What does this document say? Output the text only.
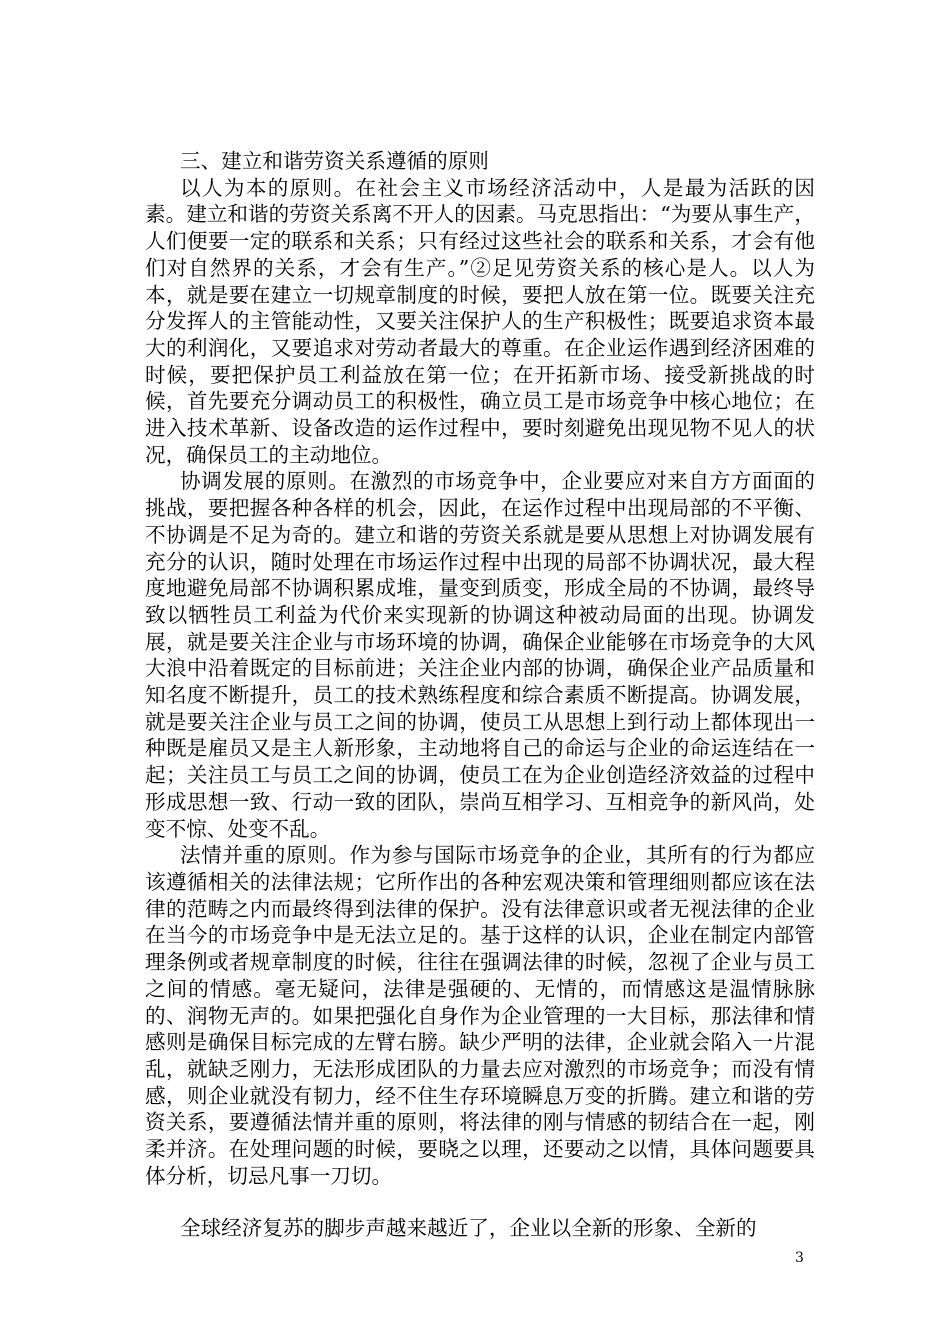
三、建立和谐劳资关系遵循的原则

以人为本的原则。在社会主义市场经济活动中，人是最为活跃的因素。建立和谐的劳资关系离不开人的因素。马克思指出：“为要从事生产，人们便要一定的联系和关系；只有经过这些社会的联系和关系，才会有他们对自然界的关系，才会有生产。”②足见劳资关系的核心是人。以人为本，就是要在建立一切规章制度的时候，要把人放在第一位。既要关注充分发挥人的主管能动性，又要关注保护人的生产积极性；既要追求资本最大的利润化，又要追求对劳动者最大的尊重。在企业运作遇到经济困难的时候，要把保护员工利益放在第一位；在开拓新市场、接受新挑战的时候，首先要充分调动员工的积极性，确立员工是市场竞争中核心地位；在进入技术革新、设备改造的运作过程中，要时刻避免出现见物不见人的状况，确保员工的主动地位。

协调发展的原则。在激烈的市场竞争中，企业要应对来自方方面面的挑战，要把握各种各样的机会，因此，在运作过程中出现局部的不平衡、不协调是不足为奇的。建立和谐的劳资关系就是要从思想上对协调发展有充分的认识，随时处理在市场运作过程中出现的局部不协调状况，最大程度地避免局部不协调积累成堆，量变到质变，形成全局的不协调，最终导致以牺牲员工利益为代价来实现新的协调这种被动局面的出现。协调发展，就是要关注企业与市场环境的协调，确保企业能够在市场竞争的大风大浪中沿着既定的目标前进；关注企业内部的协调，确保企业产品质量和知名度不断提升，员工的技术熟练程度和综合素质不断提高。协调发展，就是要关注企业与员工之间的协调，使员工从思想上到行动上都体现出一种既是雇员又是主人新形象，主动地将自己的命运与企业的命运连结在一起；关注员工与员工之间的协调，使员工在为企业创造经济效益的过程中形成思想一致、行动一致的团队，崇尚互相学习、互相竞争的新风尚，处变不惊、处变不乱。

法情并重的原则。作为参与国际市场竞争的企业，其所有的行为都应该遵循相关的法律法规；它所作出的各种宏观决策和管理细则都应该在法律的范畴之内而最终得到法律的保护。没有法律意识或者无视法律的企业在当今的市场竞争中是无法立足的。基于这样的认识，企业在制定内部管理条例或者规章制度的时候，往往在强调法律的时候，忽视了企业与员工之间的情感。毫无疑问，法律是强硬的、无情的，而情感这是温情脉脉的、润物无声的。如果把强化自身作为企业管理的一大目标，那法律和情感则是确保目标完成的左臂右膀。缺少严明的法律，企业就会陷入一片混乱，就缺乏刚力，无法形成团队的力量去应对激烈的市场竞争；而没有情感，则企业就没有韧力，经不住生存环境瞬息万变的折腾。建立和谐的劳资关系，要遵循法情并重的原则，将法律的刚与情感的韧结合在一起，刚柔并济。在处理问题的时候，要晓之以理，还要动之以情，具体问题要具体分析，切忌凡事一刀切。

全球经济复苏的脚步声越来越近了，企业以全新的形象、全新的

3
